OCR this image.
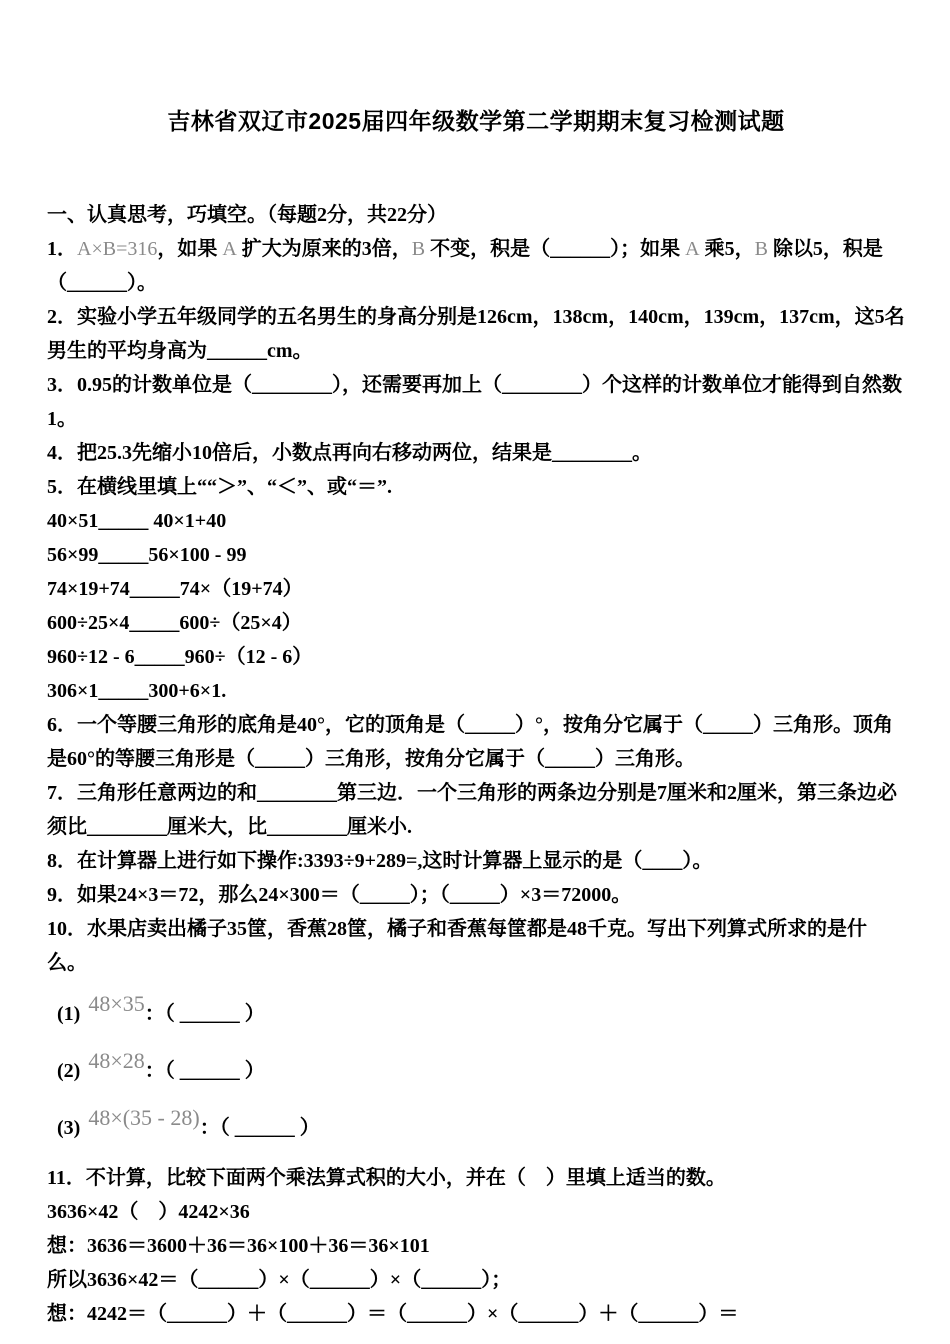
吉林省双辽市2025届四年级数学第二学期期末复习检测试题

一、认真思考，巧填空。（每题2分，共22分）

1．A×B=316，如果 A 扩大为原来的3倍，B 不变，积是（______）；如果 A 乘5，B 除以5，积是（______）。

2．实验小学五年级同学的五名男生的身高分别是126cm，138cm，140cm，139cm，137cm，这5名男生的平均身高为______cm。

3．0.95的计数单位是（________），还需要再加上（________）个这样的计数单位才能得到自然数1。

4．把25.3先缩小10倍后，小数点再向右移动两位，结果是________。

5．在横线里填上““＞”、“＜”、或“＝”.

40×51_____ 40×1+40

56×99_____56×100 - 99

74×19+74_____74×（19+74）

600÷25×4_____600÷（25×4）

960÷12 - 6_____960÷（12 - 6）

306×1_____300+6×1.

6．一个等腰三角形的底角是40°，它的顶角是（_____）°，按角分它属于（_____）三角形。顶角是60°的等腰三角形是（_____）三角形，按角分它属于（_____）三角形。

7．三角形任意两边的和________第三边．一个三角形的两条边分别是7厘米和2厘米，第三条边必须比________厘米大，比________厘米小.

8．在计算器上进行如下操作:3393÷9+289=,这时计算器上显示的是（____）。

9．如果24×3＝72，那么24×300＝（_____）；（_____）×3＝72000。

10．水果店卖出橘子35筐，香蕉28筐，橘子和香蕉每筐都是48千克。写出下列算式所求的是什么。

(1) 48×35：（ ______ ）

(2) 48×28：（ ______ ）

(3) 48×(35 - 28)：（ ______ ）

11．不计算，比较下面两个乘法算式积的大小，并在（　）里填上适当的数。

3636×42（　）4242×36

想：3636＝3600＋36＝36×100＋36＝36×101

所以3636×42＝（______）×（______）×（______）；

想：4242＝（______）＋（______）＝（______）×（______）＋（______）＝
